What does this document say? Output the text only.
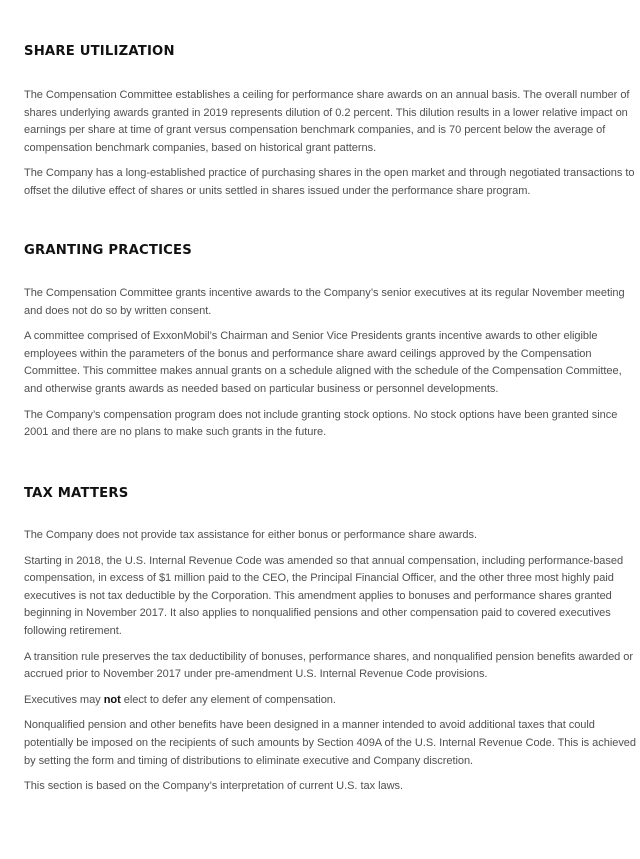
SHARE UTILIZATION

The Compensation Committee establishes a ceiling for performance share awards on an annual basis. The overall number of shares underlying awards granted in 2019 represents dilution of 0.2 percent. This dilution results in a lower relative impact on earnings per share at time of grant versus compensation benchmark companies, and is 70 percent below the average of compensation benchmark companies, based on historical grant patterns.

The Company has a long-established practice of purchasing shares in the open market and through negotiated transactions to offset the dilutive effect of shares or units settled in shares issued under the performance share program.

GRANTING PRACTICES

The Compensation Committee grants incentive awards to the Company’s senior executives at its regular November meeting and does not do so by written consent.

A committee comprised of ExxonMobil’s Chairman and Senior Vice Presidents grants incentive awards to other eligible employees within the parameters of the bonus and performance share award ceilings approved by the Compensation Committee. This committee makes annual grants on a schedule aligned with the schedule of the Compensation Committee, and otherwise grants awards as needed based on particular business or personnel developments.

The Company’s compensation program does not include granting stock options. No stock options have been granted since 2001 and there are no plans to make such grants in the future.

TAX MATTERS

The Company does not provide tax assistance for either bonus or performance share awards.

Starting in 2018, the U.S. Internal Revenue Code was amended so that annual compensation, including performance-based compensation, in excess of $1 million paid to the CEO, the Principal Financial Officer, and the other three most highly paid executives is not tax deductible by the Corporation. This amendment applies to bonuses and performance shares granted beginning in November 2017. It also applies to nonqualified pensions and other compensation paid to covered executives following retirement.

A transition rule preserves the tax deductibility of bonuses, performance shares, and nonqualified pension benefits awarded or accrued prior to November 2017 under pre-amendment U.S. Internal Revenue Code provisions.

Executives may not elect to defer any element of compensation.

Nonqualified pension and other benefits have been designed in a manner intended to avoid additional taxes that could potentially be imposed on the recipients of such amounts by Section 409A of the U.S. Internal Revenue Code. This is achieved by setting the form and timing of distributions to eliminate executive and Company discretion.

This section is based on the Company’s interpretation of current U.S. tax laws.
